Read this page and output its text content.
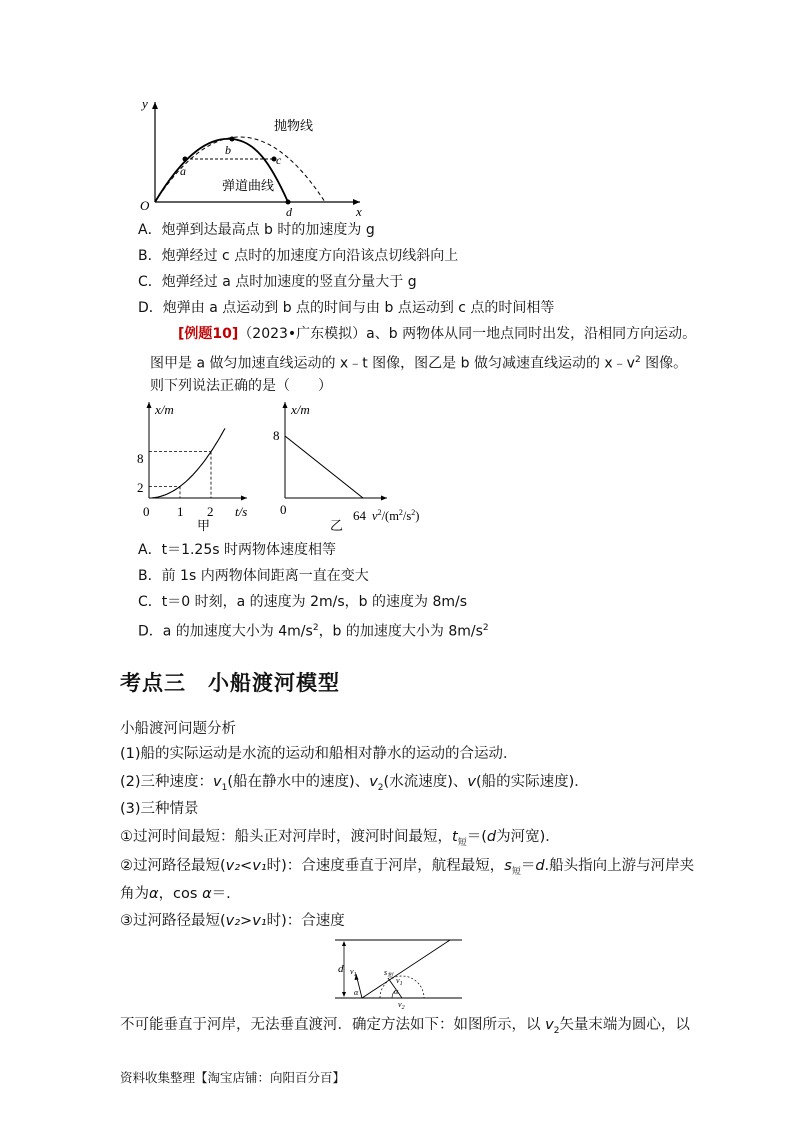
y
x
O
抛物线
弹道曲线
a
b
c
d
A．炮弹到达最高点 b 时的加速度为 g
B．炮弹经过 c 点时的加速度方向沿该点切线斜向上
C．炮弹经过 a 点时加速度的竖直分量大于 g
D．炮弹由 a 点运动到 b 点的时间与由 b 点运动到 c 点的时间相等
[例题10]（2023•广东模拟）a、b 两物体从同一地点同时出发，沿相同方向运动。
图甲是 a 做匀加速直线运动的 x﹣t 图像，图乙是 b 做匀减速直线运动的 $x﹣v^2$ 图像。
则下列说法正确的是（　　）
x/m
t/s
0 1 2
2
8
甲
x/m
8
0	64 $v^2/(m^2/s^2)$
乙
A．t＝1.25s 时两物体速度相等
B．前 1s 内两物体间距离一直在变大
C．t＝0 时刻，a 的速度为 2m/s，b 的速度为 8m/s
D．a 的加速度大小为 $4m/s^2$，b 的加速度大小为 $8m/s^2$
考点三　小船渡河模型
小船渡河问题分析
(1)船的实际运动是水流的运动和船相对静水的运动的合运动．
(2)三种速度：$v_1$(船在静水中的速度)、$v_2$(水流速度)、v(船的实际速度)．
(3)三种情景
①过河时间最短：船头正对河岸时，渡河时间最短，$t_短=(d$为河宽)．
②过河路径最短(v₂<v₁时)：合速度垂直于河岸，航程最短，$s_短=d$.船头指向上游与河岸夹
角为α，cos α＝.
③过河路径最短(v₂>v₁时)：合速度
d $v_1$	$s_短$ $v_1$
α	α
$v_2$
不可能垂直于河岸，无法垂直渡河．确定方法如下：如图所示，以 $v_2$矢量末端为圆心，以
资料收集整理【淘宝店铺：向阳百分百】
